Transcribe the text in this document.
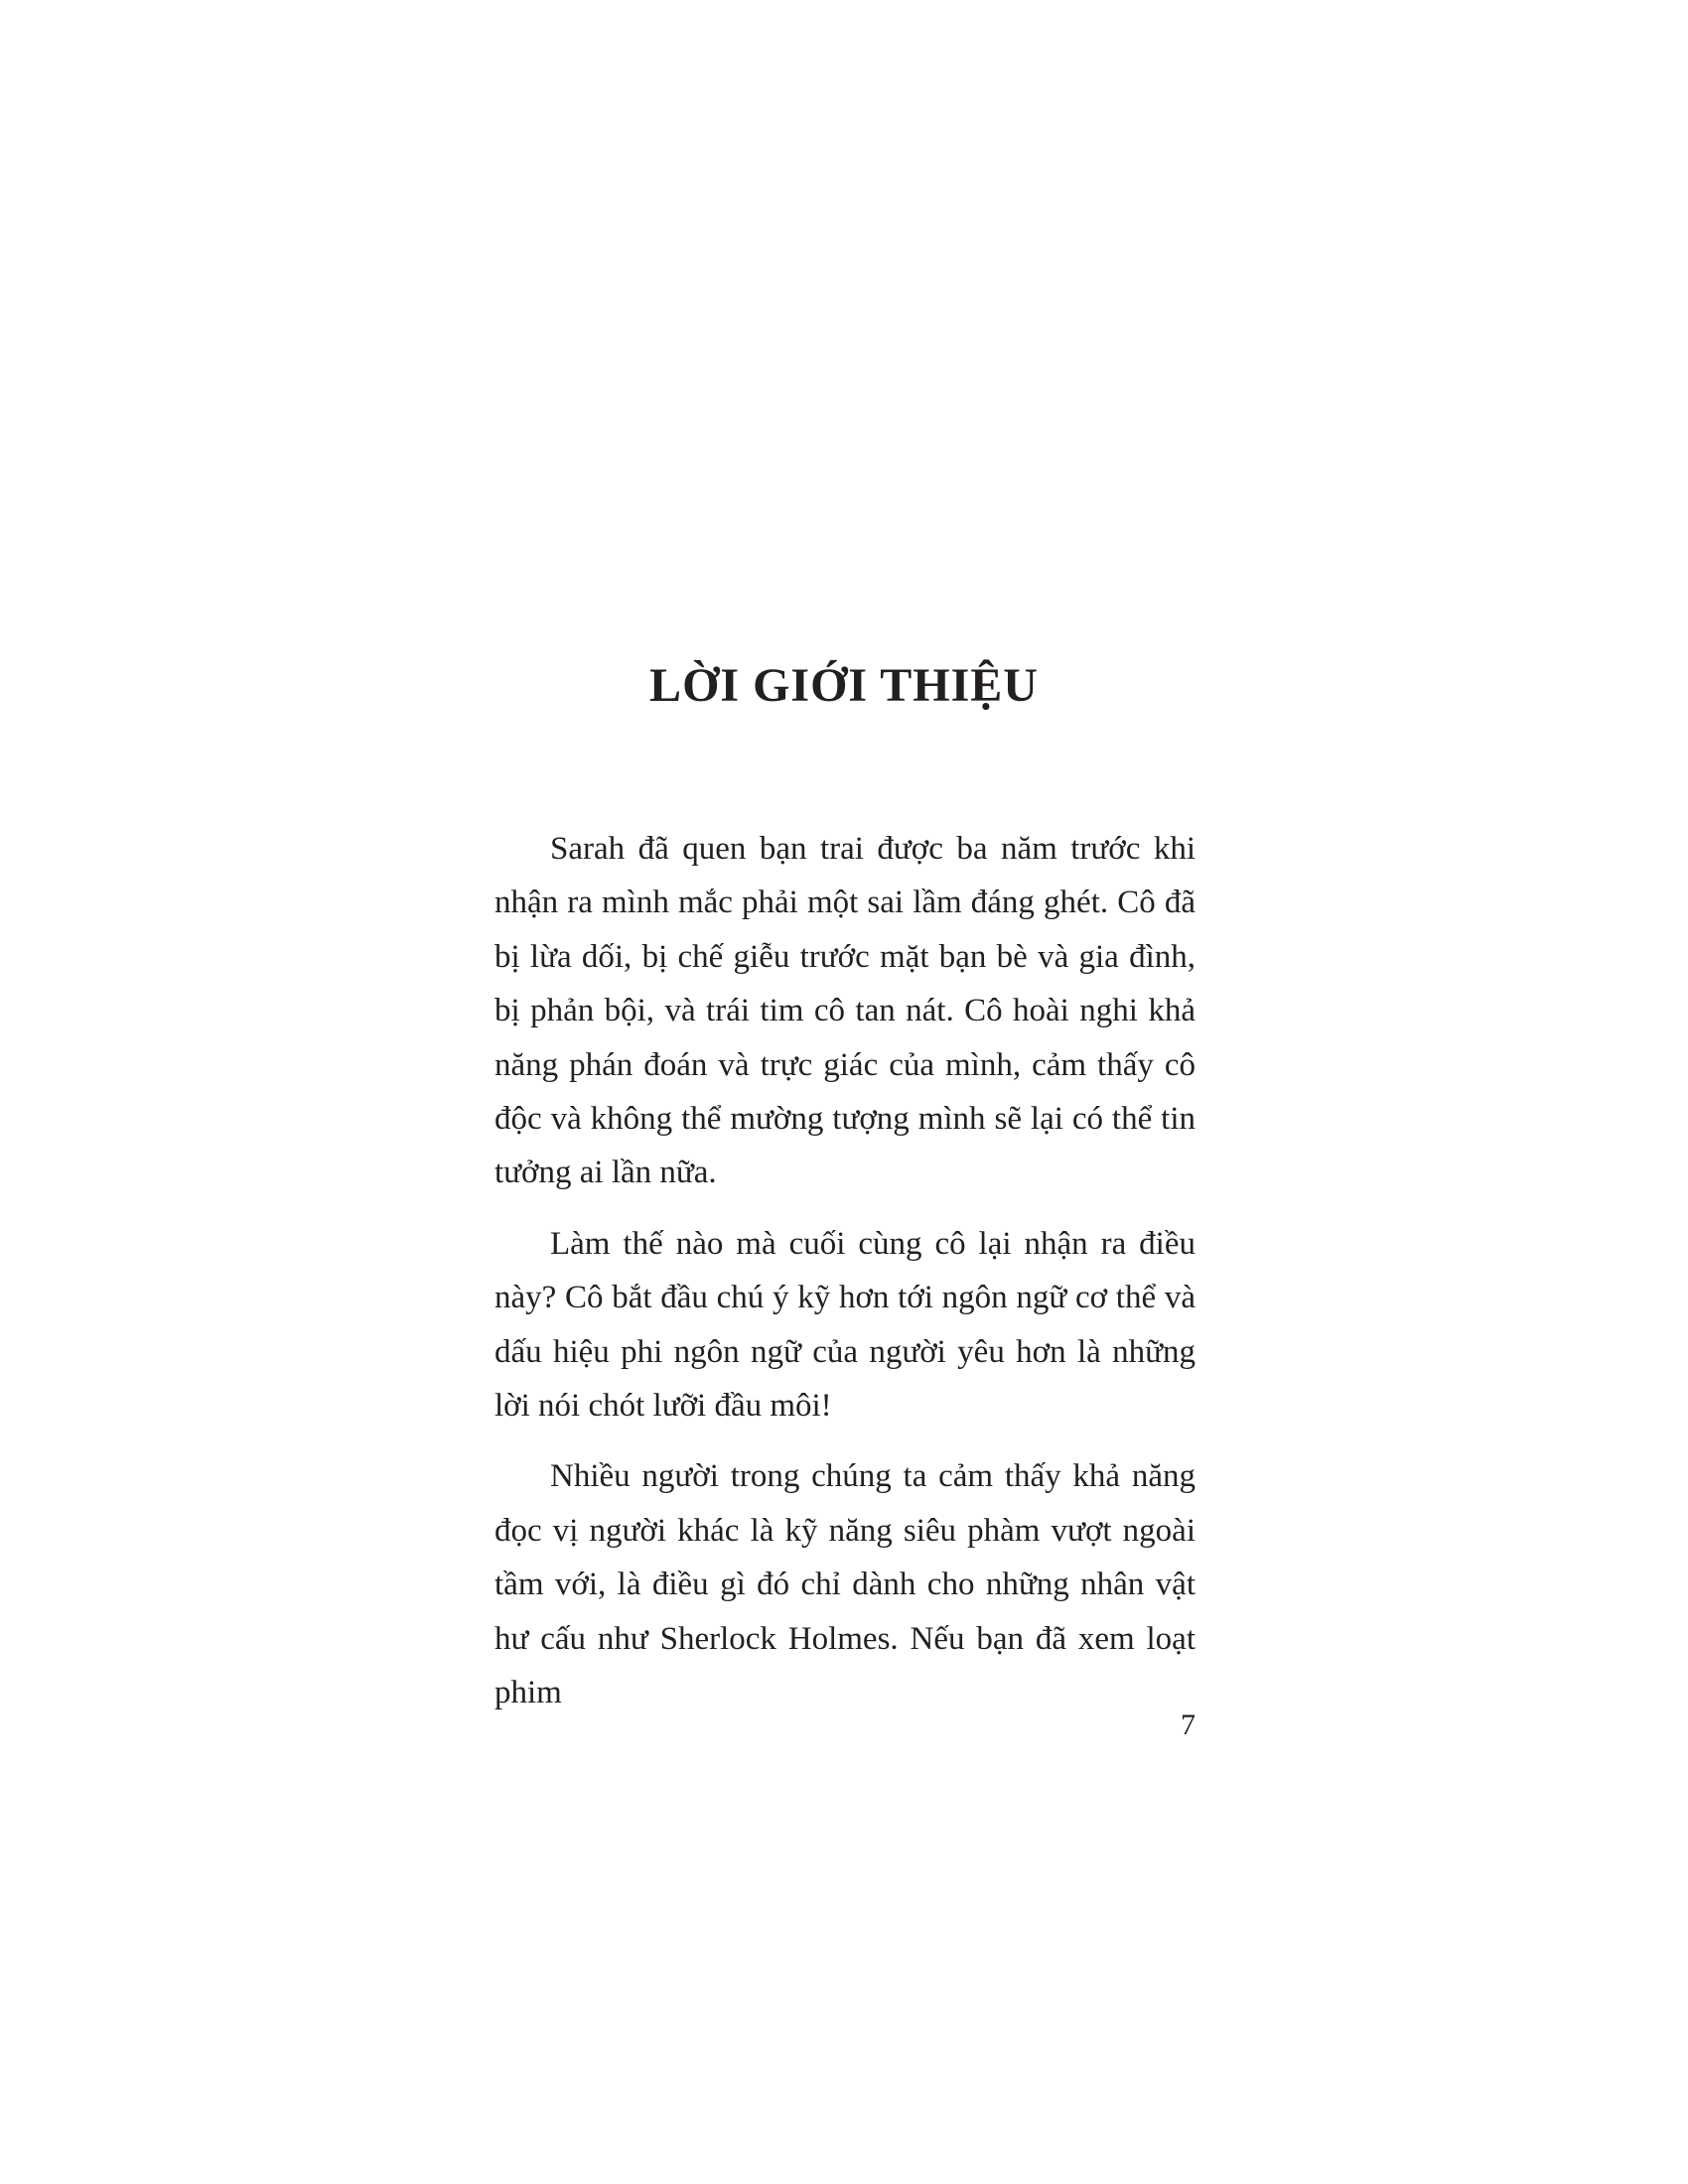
LỜI GIỚI THIỆU

Sarah đã quen bạn trai được ba năm trước khi nhận ra mình mắc phải một sai lầm đáng ghét. Cô đã bị lừa dối, bị chế giễu trước mặt bạn bè và gia đình, bị phản bội, và trái tim cô tan nát. Cô hoài nghi khả năng phán đoán và trực giác của mình, cảm thấy cô độc và không thể mường tượng mình sẽ lại có thể tin tưởng ai lần nữa.

Làm thế nào mà cuối cùng cô lại nhận ra điều này? Cô bắt đầu chú ý kỹ hơn tới ngôn ngữ cơ thể và dấu hiệu phi ngôn ngữ của người yêu hơn là những lời nói chót lưỡi đầu môi!

Nhiều người trong chúng ta cảm thấy khả năng đọc vị người khác là kỹ năng siêu phàm vượt ngoài tầm với, là điều gì đó chỉ dành cho những nhân vật hư cấu như Sherlock Holmes. Nếu bạn đã xem loạt phim

7
